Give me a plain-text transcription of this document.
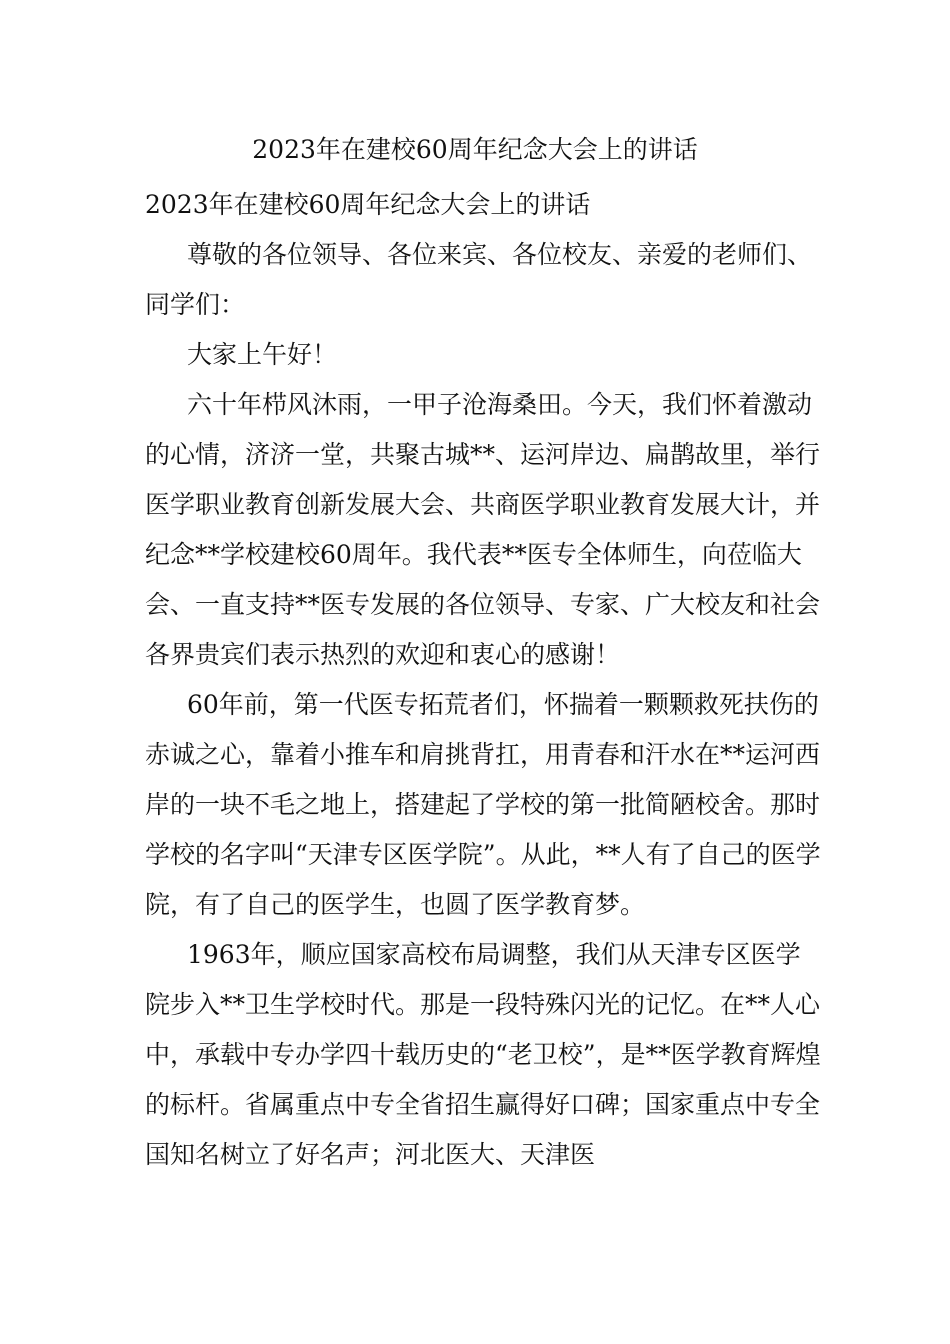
2023年在建校60周年纪念大会上的讲话

2023年在建校60周年纪念大会上的讲话

尊敬的各位领导、各位来宾、各位校友、亲爱的老师们、同学们：

大家上午好！

六十年栉风沐雨，一甲子沧海桑田。今天，我们怀着激动的心情，济济一堂，共聚古城**、运河岸边、扁鹊故里，举行医学职业教育创新发展大会、共商医学职业教育发展大计，并纪念**学校建校60周年。我代表**医专全体师生，向莅临大会、一直支持**医专发展的各位领导、专家、广大校友和社会各界贵宾们表示热烈的欢迎和衷心的感谢！

60年前，第一代医专拓荒者们，怀揣着一颗颗救死扶伤的赤诚之心，靠着小推车和肩挑背扛，用青春和汗水在**运河西岸的一块不毛之地上，搭建起了学校的第一批简陋校舍。那时学校的名字叫“天津专区医学院”。从此，**人有了自己的医学院，有了自己的医学生，也圆了医学教育梦。

1963年，顺应国家高校布局调整，我们从天津专区医学院步入**卫生学校时代。那是一段特殊闪光的记忆。在**人心中，承载中专办学四十载历史的“老卫校”，是**医学教育辉煌的标杆。省属重点中专全省招生赢得好口碑；国家重点中专全国知名树立了好名声；河北医大、天津医
